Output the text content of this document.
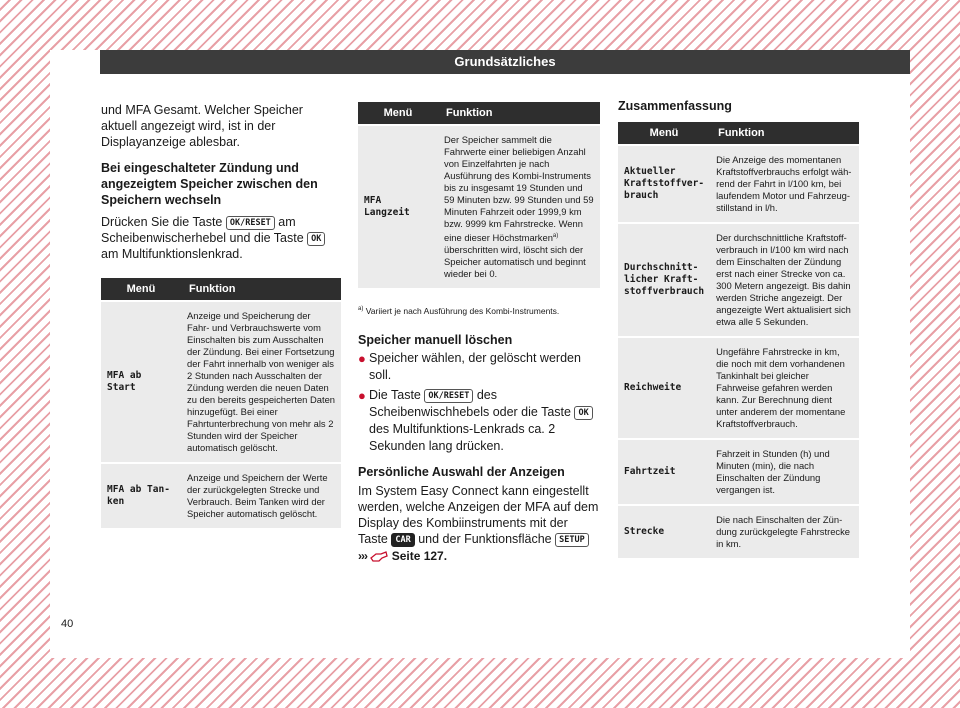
Grundsätzliches

und MFA Gesamt. Welcher Speicher aktuell angezeigt wird, ist in der Displayanzeige ablesbar.

Bei eingeschalteter Zündung und angezeigtem Speicher zwischen den Speichern wechseln

Drücken Sie die Taste OK/RESET am Scheibenwischerhebel und die Taste OK am Multifunktionslenkrad.

Menü	Funktion
MFA ab Start	Anzeige und Speicherung der Fahr- und Verbrauchswerte vom Einschalten bis zum Ausschalten der Zündung. Bei einer Fortsetzung der Fahrt innerhalb von weniger als 2 Stunden nach Ausschalten der Zündung werden die neuen Daten zu den bereits gespeicherten Daten hinzugefügt. Bei einer Fahrtunterbrechung von mehr als 2 Stunden wird der Speicher automatisch gelöscht.
MFA ab Tanken	Anzeige und Speichern der Werte der zurückgelegten Strecke und Verbrauch. Beim Tanken wird der Speicher automatisch gelöscht.
Menü	Funktion
MFA Langzeit	Der Speicher sammelt die Fahrwerte einer beliebigen Anzahl von Einzelfahrten je nach Ausführung des Kombi-Instruments bis zu insgesamt 19 Stunden und 59 Minuten bzw. 99 Stunden und 59 Minuten Fahrzeit oder 1999,9 km bzw. 9999 km Fahrstrecke. Wenn eine dieser Höchstmarken$^{a)}$ überschritten wird, löscht sich der Speicher automatisch und beginnt wieder bei 0.

$^{a)}$ Variiert je nach Ausführung des Kombi-Instruments.

Speicher manuell löschen

● Speicher wählen, der gelöscht werden soll.
● Die Taste OK/RESET des Scheibenwischhebels oder die Taste OK des Multifunktions-Lenkrads ca. 2 Sekunden lang drücken.

Persönliche Auswahl der Anzeigen

Im System Easy Connect kann eingestellt werden, welche Anzeigen der MFA auf dem Display des Kombiinstruments mit der Taste CAR und der Funktionsfläche SETUP

››› Seite 127.

Zusammenfassung

Menü	Funktion
Aktueller Kraftstoffverbrauch	Die Anzeige des momentanen Kraftstoffverbrauchs erfolgt während der Fahrt in l/100 km, bei laufendem Motor und Fahrzeugstillstand in l/h.
Durchschnittlicher Kraftstoffverbrauch	Der durchschnittliche Kraftstoffverbrauch in l/100 km wird nach dem Einschalten der Zündung erst nach einer Strecke von ca. 300 Metern angezeigt. Bis dahin werden Striche angezeigt. Der angezeigte Wert aktualisiert sich etwa alle 5 Sekunden.
Reichweite	Ungefähre Fahrstrecke in km, die noch mit dem vorhandenen Tankinhalt bei gleicher Fahrweise gefahren werden kann. Zur Berechnung dient unter anderem der momentane Kraftstoffverbrauch.
Fahrtzeit	Fahrzeit in Stunden (h) und Minuten (min), die nach Einschalten der Zündung vergangen ist.
Strecke	Die nach Einschalten der Zündung zurückgelegte Fahrstrecke in km.
40
